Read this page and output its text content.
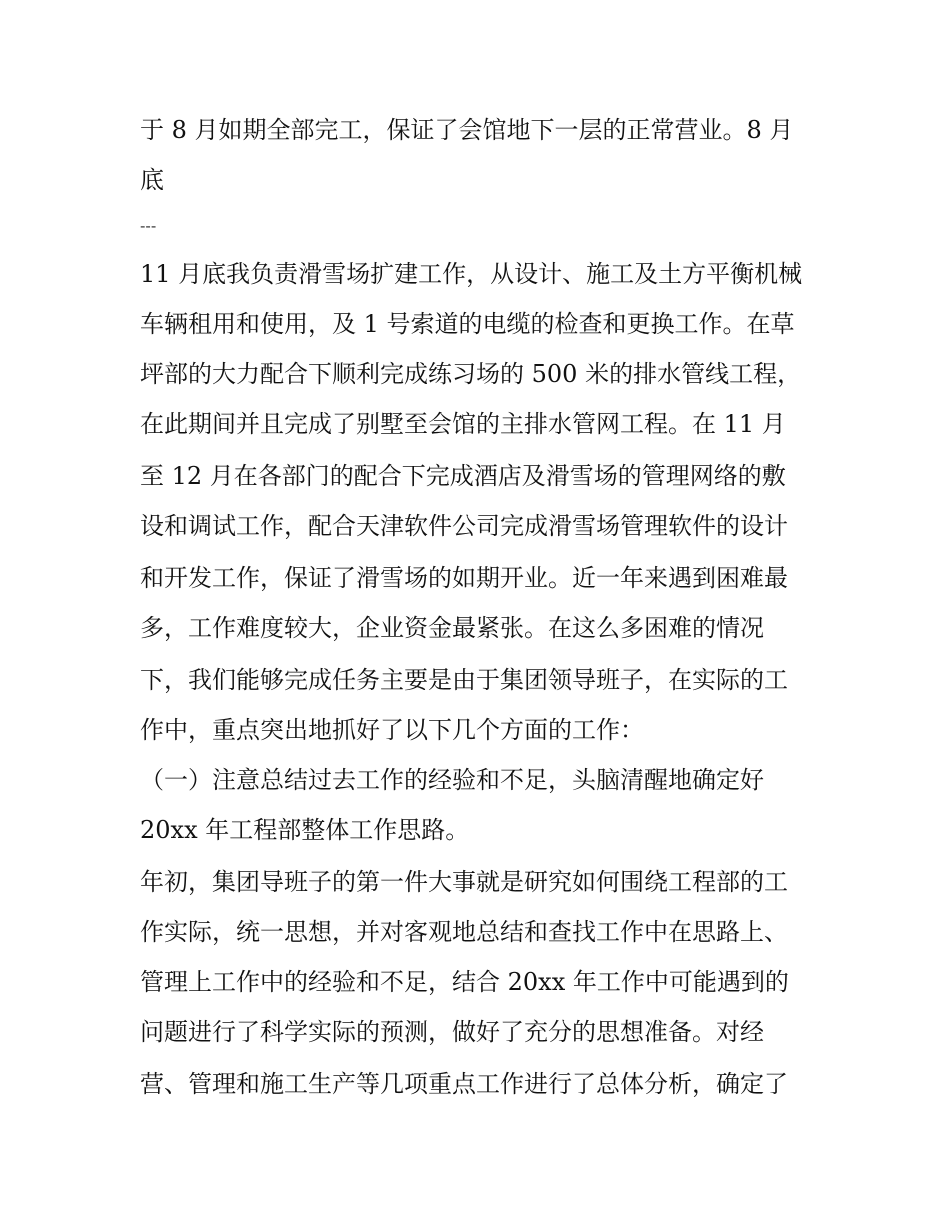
于 8 月如期全部完工，保证了会馆地下一层的正常营业。8 月
底
---
11 月底我负责滑雪场扩建工作，从设计、施工及土方平衡机械
车辆租用和使用，及 1 号索道的电缆的检查和更换工作。在草
坪部的大力配合下顺利完成练习场的 500 米的排水管线工程，
在此期间并且完成了别墅至会馆的主排水管网工程。在 11 月
至 12 月在各部门的配合下完成酒店及滑雪场的管理网络的敷
设和调试工作，配合天津软件公司完成滑雪场管理软件的设计
和开发工作，保证了滑雪场的如期开业。近一年来遇到困难最
多，工作难度较大，企业资金最紧张。在这么多困难的情况
下，我们能够完成任务主要是由于集团领导班子，在实际的工
作中，重点突出地抓好了以下几个方面的工作：
（一）注意总结过去工作的经验和不足，头脑清醒地确定好
20xx 年工程部整体工作思路。
年初，集团导班子的第一件大事就是研究如何围绕工程部的工
作实际，统一思想，并对客观地总结和查找工作中在思路上、
管理上工作中的经验和不足，结合 20xx 年工作中可能遇到的
问题进行了科学实际的预测，做好了充分的思想准备。对经
营、管理和施工生产等几项重点工作进行了总体分析，确定了
